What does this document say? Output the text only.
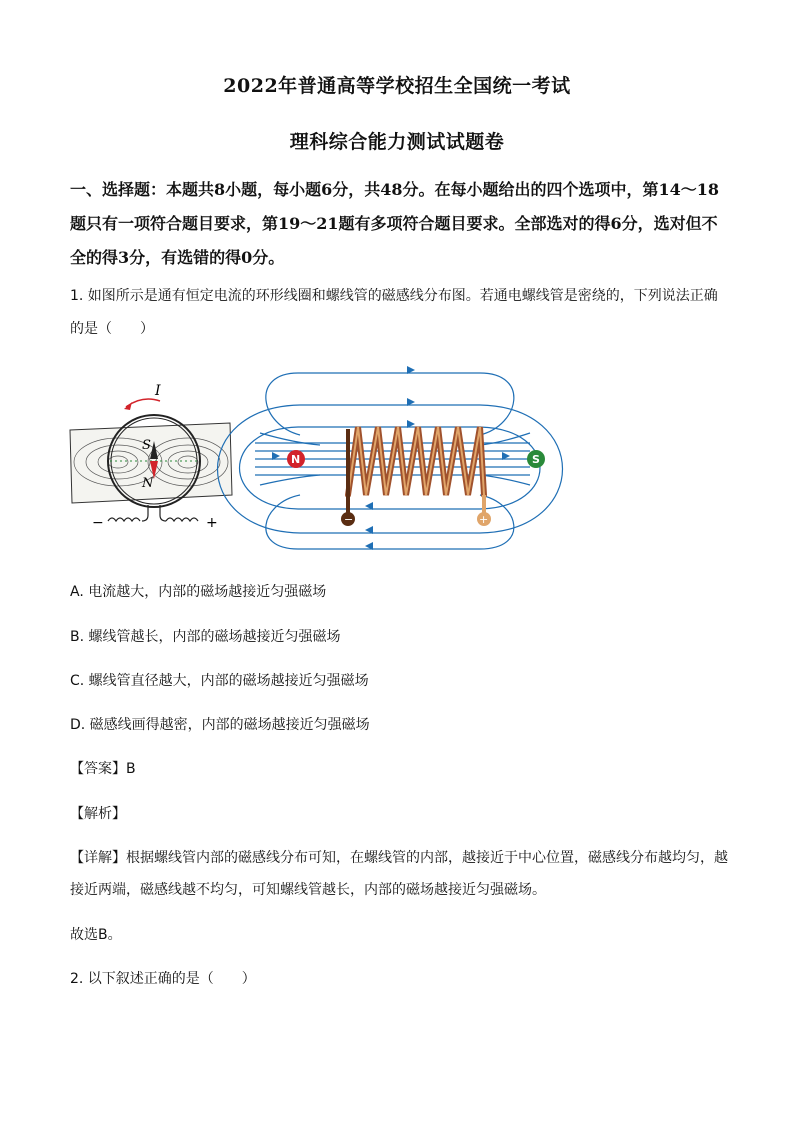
2022年普通高等学校招生全国统一考试
理科综合能力测试试题卷
一、选择题：本题共8小题，每小题6分，共48分。在每小题给出的四个选项中，第14～18题只有一项符合题目要求，第19～21题有多项符合题目要求。全部选对的得6分，选对但不全的得3分，有选错的得0分。
1. 如图所示是通有恒定电流的环形线圈和螺线管的磁感线分布图。若通电螺线管是密绕的，下列说法正确的是（　　）
I
S
N
−	+	−	+
N	S
A. 电流越大，内部的磁场越接近匀强磁场
B. 螺线管越长，内部的磁场越接近匀强磁场
C. 螺线管直径越大，内部的磁场越接近匀强磁场
D. 磁感线画得越密，内部的磁场越接近匀强磁场
【答案】B
【解析】
【详解】根据螺线管内部的磁感线分布可知，在螺线管的内部，越接近于中心位置，磁感线分布越均匀，越接近两端，磁感线越不均匀，可知螺线管越长，内部的磁场越接近匀强磁场。
故选B。
2. 以下叙述正确的是（　　）
